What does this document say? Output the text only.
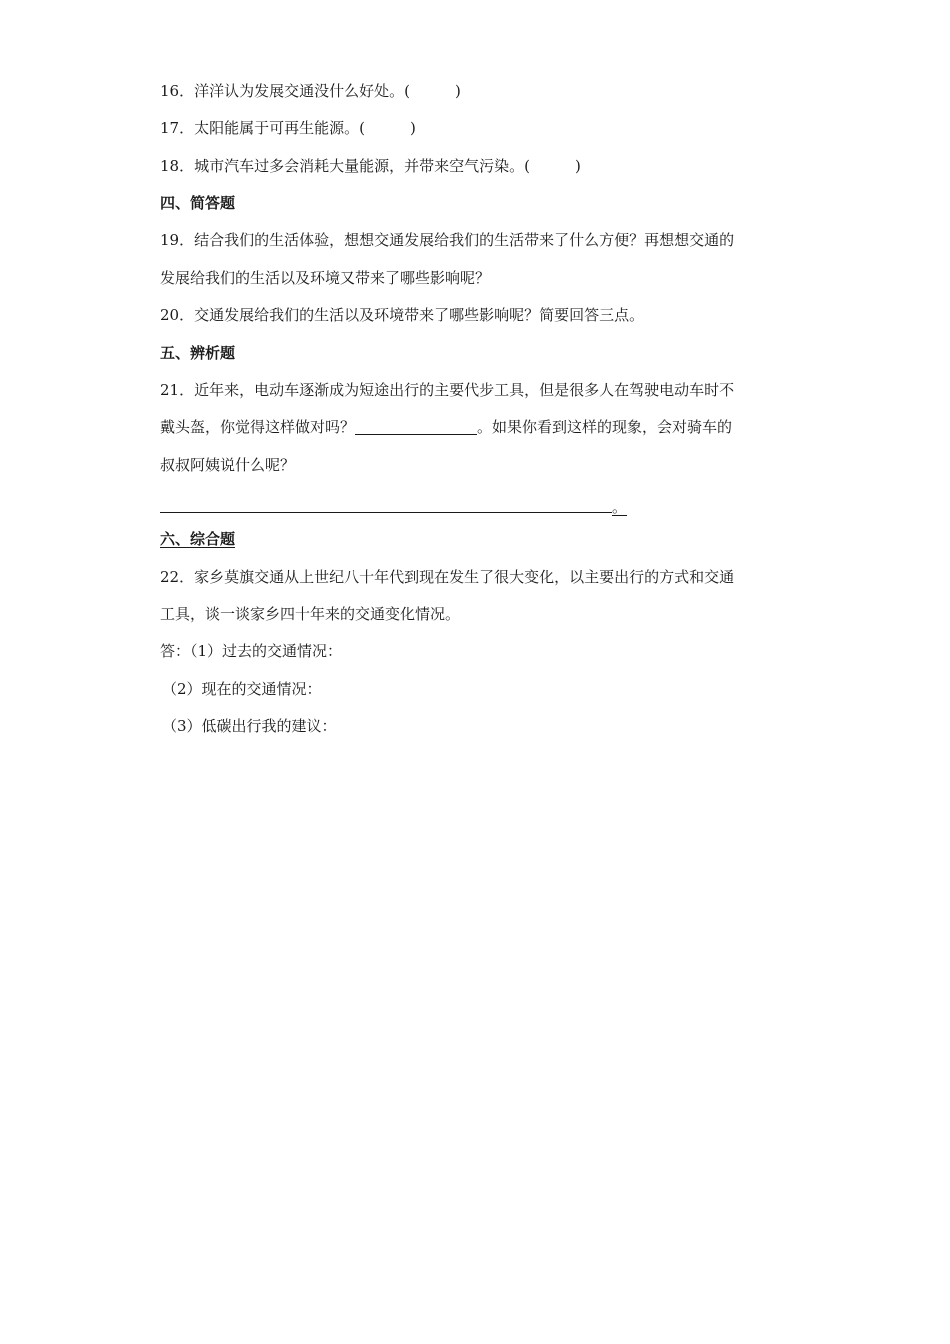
16．洋洋认为发展交通没什么好处。(　　　)
17．太阳能属于可再生能源。(　　　)
18．城市汽车过多会消耗大量能源，并带来空气污染。(　　　)
四、简答题
19．结合我们的生活体验，想想交通发展给我们的生活带来了什么方便？再想想交通的
发展给我们的生活以及环境又带来了哪些影响呢？
20．交通发展给我们的生活以及环境带来了哪些影响呢？简要回答三点。
五、辨析题
21．近年来，电动车逐渐成为短途出行的主要代步工具，但是很多人在驾驶电动车时不
戴头盔，你觉得这样做对吗？	。如果你看到这样的现象，会对骑车的
叔叔阿姨说什么呢？
。
六、综合题
22．家乡莫旗交通从上世纪八十年代到现在发生了很大变化，以主要出行的方式和交通
工具，谈一谈家乡四十年来的交通变化情况。
答：（1）过去的交通情况：
（2）现在的交通情况：
（3）低碳出行我的建议：
